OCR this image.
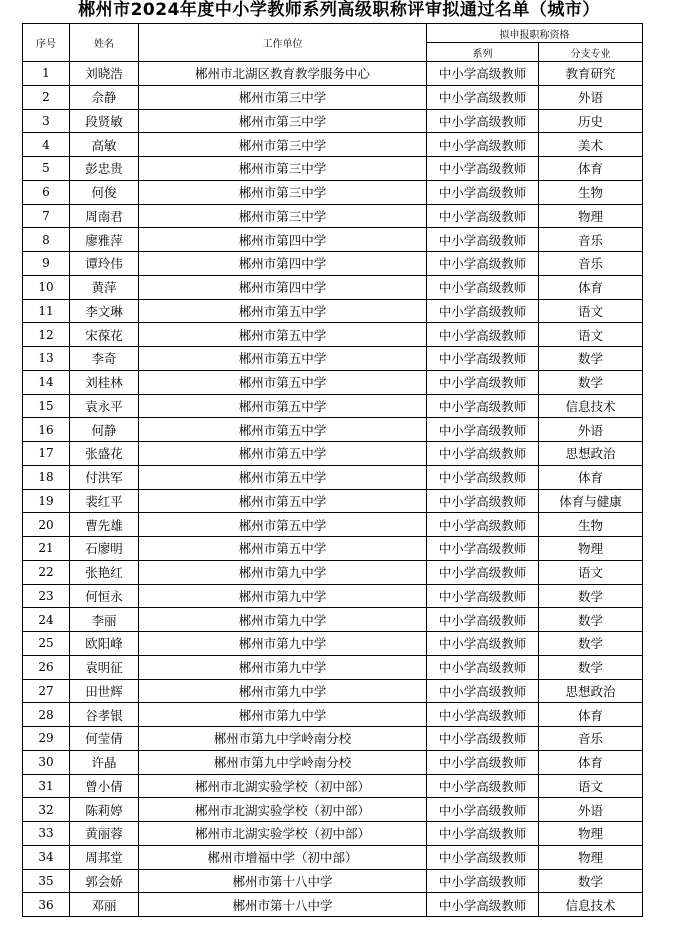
郴州市2024年度中小学教师系列高级职称评审拟通过名单（城市）
序号	姓名	工作单位	拟申报职称资格	
			系列	分支专业
1	刘晓浩	郴州市北湖区教育教学服务中心	中小学高级教师	教育研究
2	佘静	郴州市第三中学	中小学高级教师	外语
3	段贤敏	郴州市第三中学	中小学高级教师	历史
4	高敏	郴州市第三中学	中小学高级教师	美术
5	彭忠贵	郴州市第三中学	中小学高级教师	体育
6	何俊	郴州市第三中学	中小学高级教师	生物
7	周南君	郴州市第三中学	中小学高级教师	物理
8	廖雅萍	郴州市第四中学	中小学高级教师	音乐
9	谭玲伟	郴州市第四中学	中小学高级教师	音乐
10	黄萍	郴州市第四中学	中小学高级教师	体育
11	李文琳	郴州市第五中学	中小学高级教师	语文
12	宋葆花	郴州市第五中学	中小学高级教师	语文
13	李奇	郴州市第五中学	中小学高级教师	数学
14	刘桂林	郴州市第五中学	中小学高级教师	数学
15	袁永平	郴州市第五中学	中小学高级教师	信息技术
16	何静	郴州市第五中学	中小学高级教师	外语
17	张盛花	郴州市第五中学	中小学高级教师	思想政治
18	付洪军	郴州市第五中学	中小学高级教师	体育
19	裴红平	郴州市第五中学	中小学高级教师	体育与健康
20	曹先雄	郴州市第五中学	中小学高级教师	生物
21	石廖明	郴州市第五中学	中小学高级教师	物理
22	张艳红	郴州市第九中学	中小学高级教师	语文
23	何恒永	郴州市第九中学	中小学高级教师	数学
24	李丽	郴州市第九中学	中小学高级教师	数学
25	欧阳峰	郴州市第九中学	中小学高级教师	数学
26	袁明征	郴州市第九中学	中小学高级教师	数学
27	田世辉	郴州市第九中学	中小学高级教师	思想政治
28	谷孝银	郴州市第九中学	中小学高级教师	体育
29	何莹倩	郴州市第九中学岭南分校	中小学高级教师	音乐
30	许晶	郴州市第九中学岭南分校	中小学高级教师	体育
31	曾小倩	郴州市北湖实验学校（初中部）	中小学高级教师	语文
32	陈莉婷	郴州市北湖实验学校（初中部）	中小学高级教师	外语
33	黄丽蓉	郴州市北湖实验学校（初中部）	中小学高级教师	物理
34	周邦堂	郴州市增福中学（初中部）	中小学高级教师	物理
35	郭会娇	郴州市第十八中学	中小学高级教师	数学
36	邓丽	郴州市第十八中学	中小学高级教师	信息技术
